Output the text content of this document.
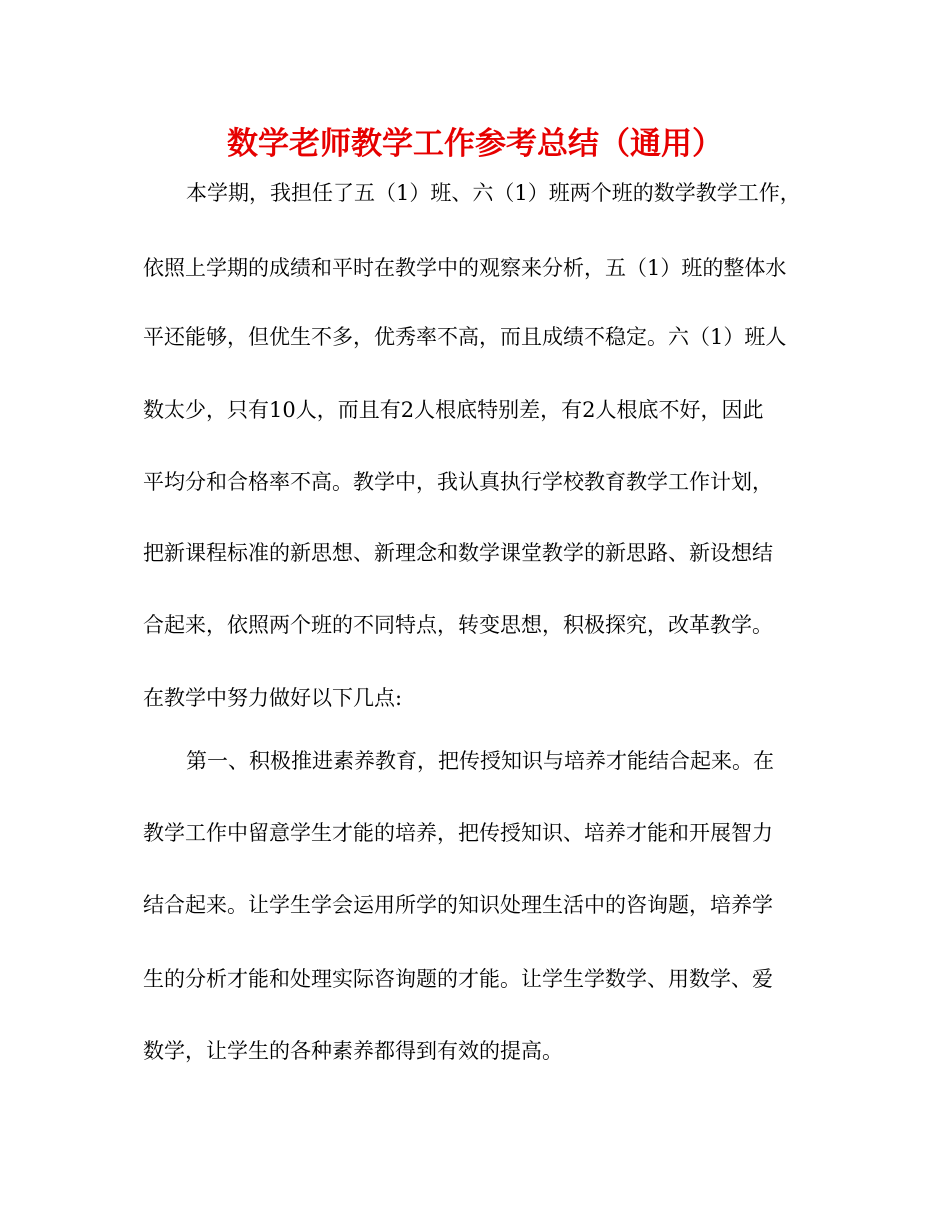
数学老师教学工作参考总结（通用）
本学期，我担任了五（1）班、六（1）班两个班的数学教学工作，
依照上学期的成绩和平时在教学中的观察来分析，五（1）班的整体水
平还能够，但优生不多，优秀率不高，而且成绩不稳定。六（1）班人
数太少，只有10人，而且有2人根底特别差，有2人根底不好，因此
平均分和合格率不高。教学中，我认真执行学校教育教学工作计划，
把新课程标准的新思想、新理念和数学课堂教学的新思路、新设想结
合起来，依照两个班的不同特点，转变思想，积极探究，改革教学。
在教学中努力做好以下几点:
第一、积极推进素养教育，把传授知识与培养才能结合起来。在
教学工作中留意学生才能的培养，把传授知识、培养才能和开展智力
结合起来。让学生学会运用所学的知识处理生活中的咨询题，培养学
生的分析才能和处理实际咨询题的才能。让学生学数学、用数学、爱
数学，让学生的各种素养都得到有效的提高。
